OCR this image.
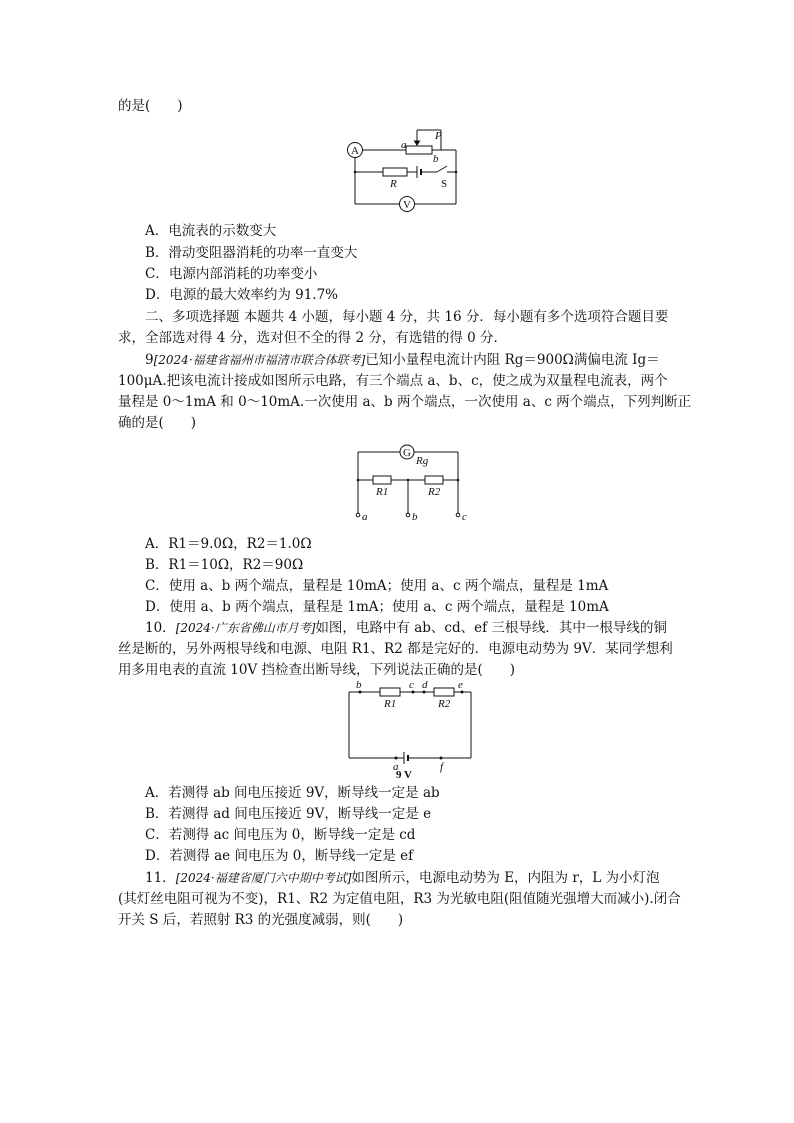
的是(　　)
A
V
P
a
b
R	S
A．电流表的示数变大
B．滑动变阻器消耗的功率一直变大
C．电源内部消耗的功率变小
D．电源的最大效率约为 91.7%
二、多项选择题 本题共 4 小题，每小题 4 分，共 16 分．每小题有多个选项符合题目要
求，全部选对得 4 分，选对但不全的得 2 分，有选错的得 0 分．
9[2024·福建省福州市福清市联合体联考]已知小量程电流计内阻 Rg＝900Ω满偏电流 Ig＝
100μA.把该电流计接成如图所示电路，有三个端点 a、b、c，使之成为双量程电流表，两个
量程是 0～1mA 和 0～10mA.一次使用 a、b 两个端点，一次使用 a、c 两个端点，下列判断正
确的是(　　)
G
Rg
R1	R2
a	b	c
A．R1＝9.0Ω，R2＝1.0Ω
B．R1＝10Ω，R2＝90Ω
C．使用 a、b 两个端点，量程是 10mA；使用 a、c 两个端点，量程是 1mA
D．使用 a、b 两个端点，量程是 1mA；使用 a、c 两个端点，量程是 10mA
10．[2024·广东省佛山市月考]如图，电路中有 ab、cd、ef 三根导线．其中一根导线的铜
丝是断的，另外两根导线和电源、电阻 R1、R2 都是完好的．电源电动势为 9V．某同学想利
用多用电表的直流 10V 挡检查出断导线，下列说法正确的是(　　)
b	c d	e
R1	R2
a	f
9 V
A．若测得 ab 间电压接近 9V，断导线一定是 ab
B．若测得 ad 间电压接近 9V，断导线一定是 e
C．若测得 ac 间电压为 0，断导线一定是 cd
D．若测得 ae 间电压为 0，断导线一定是 ef
11．[2024·福建省厦门六中期中考试]如图所示，电源电动势为 E，内阻为 r，L 为小灯泡
(其灯丝电阻可视为不变)，R1、R2 为定值电阻，R3 为光敏电阻(阻值随光强增大而减小).闭合
开关 S 后，若照射 R3 的光强度减弱，则(　　)
